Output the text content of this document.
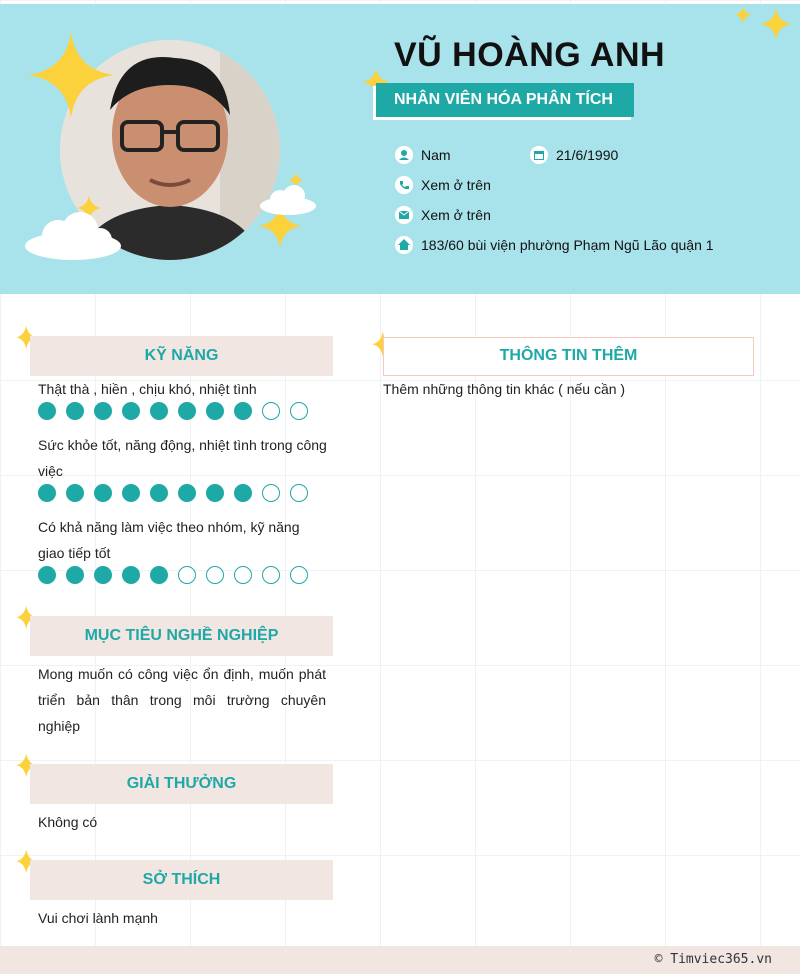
VŨ HOÀNG ANH
NHÂN VIÊN HÓA PHÂN TÍCH
Nam	21/6/1990
Xem ở trên
Xem ở trên
183/60 bùi viện phường Phạm Ngũ Lão quận 1
KỸ NĂNG
Thật thà , hiền , chịu khó, nhiệt tình
Sức khỏe tốt, năng động, nhiệt tình trong công việc
Có khả năng làm việc theo nhóm, kỹ năng giao tiếp tốt
MỤC TIÊU NGHỀ NGHIỆP
Mong muốn có công việc ổn định, muốn phát triển bản thân trong môi trường chuyên nghiệp
GIẢI THƯỞNG
Không có
SỞ THÍCH
Vui chơi lành mạnh
THÔNG TIN THÊM
Thêm những thông tin khác ( nếu cần )
© Timviec365.vn
